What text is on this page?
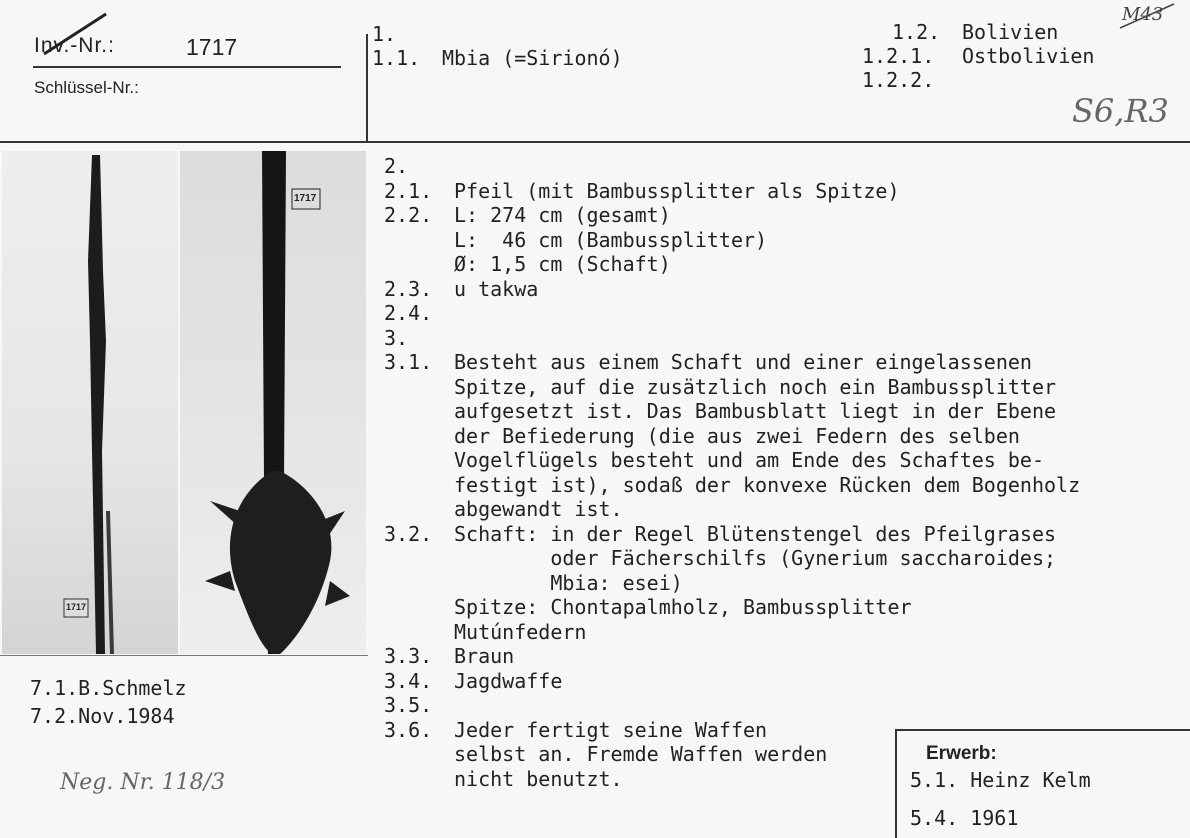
Inv.-Nr.:	1717
Schlüssel-Nr.:
1.
1.1. Mbia (=Sirionó)
1.2. Bolivien
1.2.1. Ostbolivien
1.2.2.
M43
S6,R3
1717
1717
7.1.B.Schmelz
7.2.Nov.1984
Neg. Nr. 118/3
2.
2.1. Pfeil (mit Bambussplitter als Spitze)
2.2. L: 274 cm (gesamt)
L:  46 cm (Bambussplitter)
Ø: 1,5 cm (Schaft)
2.3. u takwa
2.4.
3.
3.1. Besteht aus einem Schaft und einer eingelassenen
Spitze, auf die zusätzlich noch ein Bambussplitter
aufgesetzt ist. Das Bambusblatt liegt in der Ebene
der Befiederung (die aus zwei Federn des selben
Vogelflügels besteht und am Ende des Schaftes be-
festigt ist), sodaß der konvexe Rücken dem Bogenholz
abgewandt ist.
3.2. Schaft: in der Regel Blütenstengel des Pfeilgrases
oder Fächerschilfs (Gynerium saccharoides;
Mbia: esei)
Spitze: Chontapalmholz, Bambussplitter
Mutúnfedern
3.3. Braun
3.4. Jagdwaffe
3.5.
3.6. Jeder fertigt seine Waffen
selbst an. Fremde Waffen werden
nicht benutzt.
Erwerb:
5.1. Heinz Kelm
5.4. 1961
